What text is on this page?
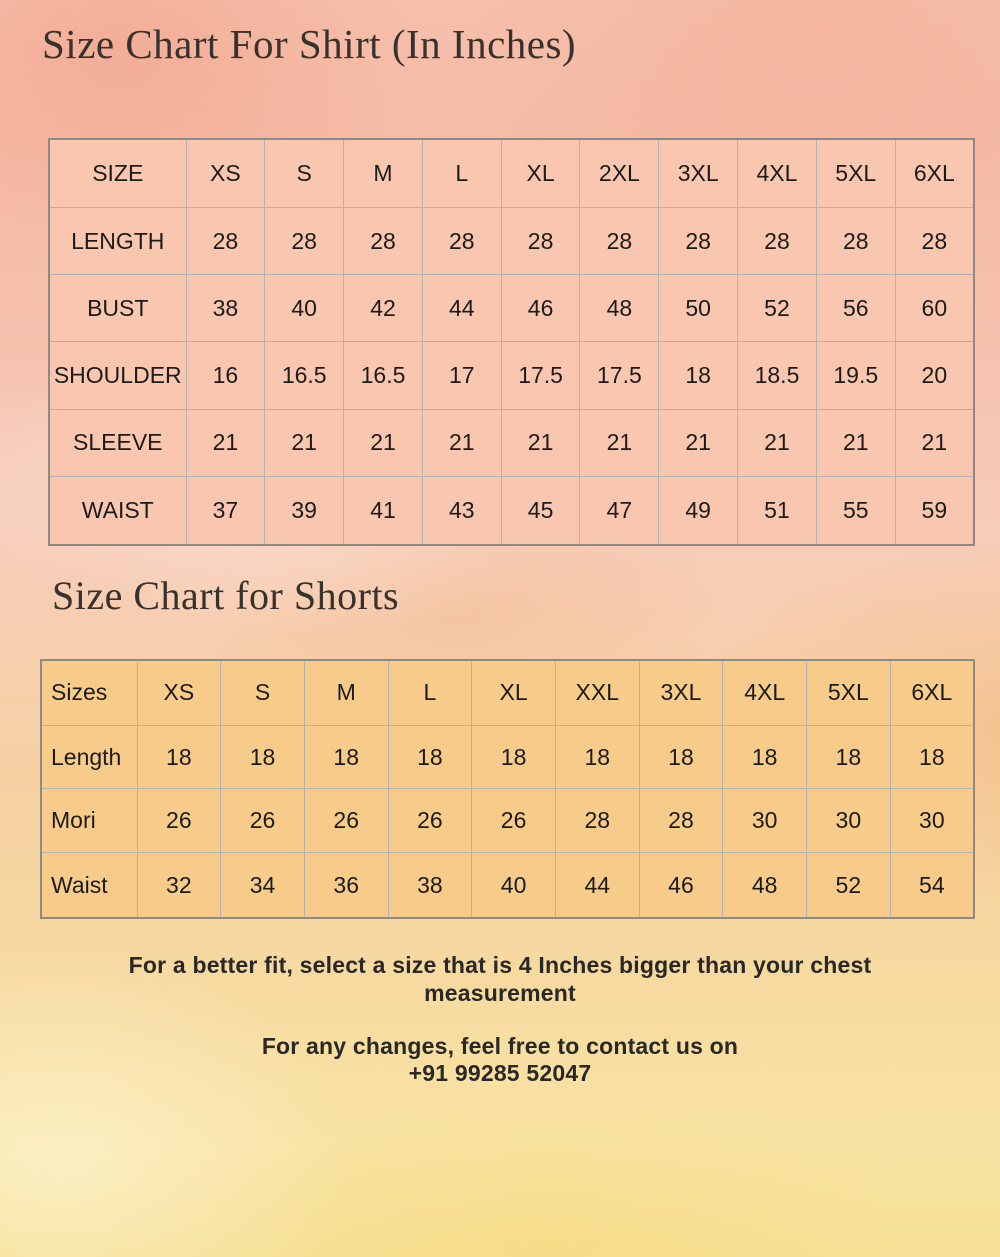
Size Chart For Shirt (In Inches)
SIZE	XS	S	M	L	XL	2XL	3XL	4XL	5XL	6XL
LENGTH	28	28	28	28	28	28	28	28	28	28
BUST	38	40	42	44	46	48	50	52	56	60
SHOULDER	16	16.5	16.5	17	17.5	17.5	18	18.5	19.5	20
SLEEVE	21	21	21	21	21	21	21	21	21	21
WAIST	37	39	41	43	45	47	49	51	55	59
Size Chart for Shorts
Sizes	XS	S	M	L	XL	XXL	3XL	4XL	5XL	6XL
Length	18	18	18	18	18	18	18	18	18	18
Mori	26	26	26	26	26	28	28	30	30	30
Waist	32	34	36	38	40	44	46	48	52	54

For a better fit, select a size that is 4 Inches bigger than your chest measurement

For any changes, feel free to contact us on
+91 99285 52047
